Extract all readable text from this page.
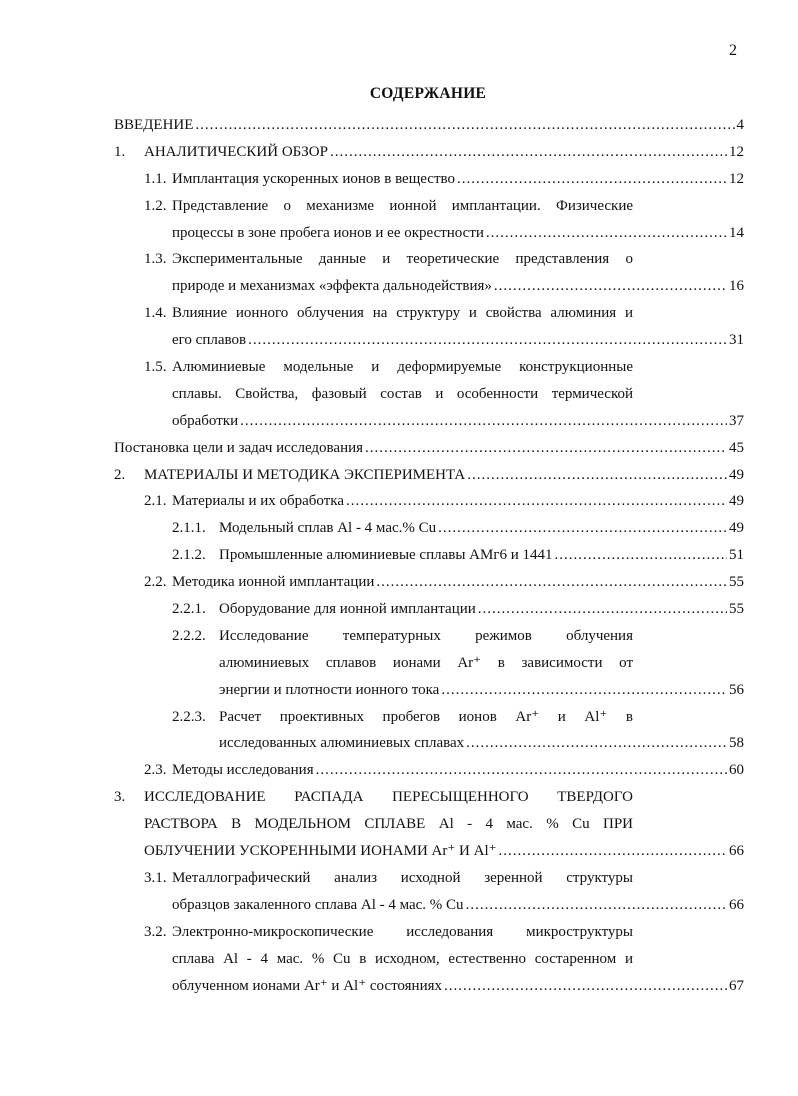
2
СОДЕРЖАНИЕ
ВВЕДЕНИЕ .....	4
1. АНАЛИТИЧЕСКИЙ ОБЗОР .....	12
1.1. Имплантация ускоренных ионов в вещество .....	12
1.2. Представление о механизме ионной имплантации. Физические
процессы в зоне пробега ионов и ее окрестности .....	14
1.3. Экспериментальные данные и теоретические представления о
природе и механизмах «эффекта дальнодействия» .....	16
1.4. Влияние ионного облучения на структуру и свойства алюминия и
его сплавов .....	31
1.5. Алюминиевые модельные и деформируемые конструкционные
сплавы. Свойства, фазовый состав и особенности термической
обработки .....	37
Постановка цели и задач исследования .....	45
2. МАТЕРИАЛЫ И МЕТОДИКА ЭКСПЕРИМЕНТА .....	49
2.1. Материалы и их обработка .....	49
2.1.1. Модельный сплав Al - 4 мас.% Cu .....	49
2.1.2. Промышленные алюминиевые сплавы АМг6 и 1441 .....	51
2.2. Методика ионной имплантации .....	55
2.2.1. Оборудование для ионной имплантации .....	55
2.2.2. Исследование температурных режимов облучения
алюминиевых сплавов ионами Ar⁺ в зависимости от
энергии и плотности ионного тока .....	56
2.2.3. Расчет проективных пробегов ионов Ar⁺ и Al⁺ в
исследованных алюминиевых сплавах .....	58
2.3. Методы исследования .....	60
3. ИССЛЕДОВАНИЕ РАСПАДА ПЕРЕСЫЩЕННОГО ТВЕРДОГО
РАСТВОРА В МОДЕЛЬНОМ СПЛАВЕ Al - 4 мас. % Cu ПРИ
ОБЛУЧЕНИИ УСКОРЕННЫМИ ИОНАМИ Ar⁺ И Al⁺ .....	66
3.1. Металлографический анализ исходной зеренной структуры
образцов закаленного сплава Al - 4 мас. % Cu .....	66
3.2. Электронно-микроскопические исследования микроструктуры
сплава Al - 4 мас. % Cu в исходном, естественно состаренном и
облученном ионами Ar⁺ и Al⁺ состояниях .....	67
